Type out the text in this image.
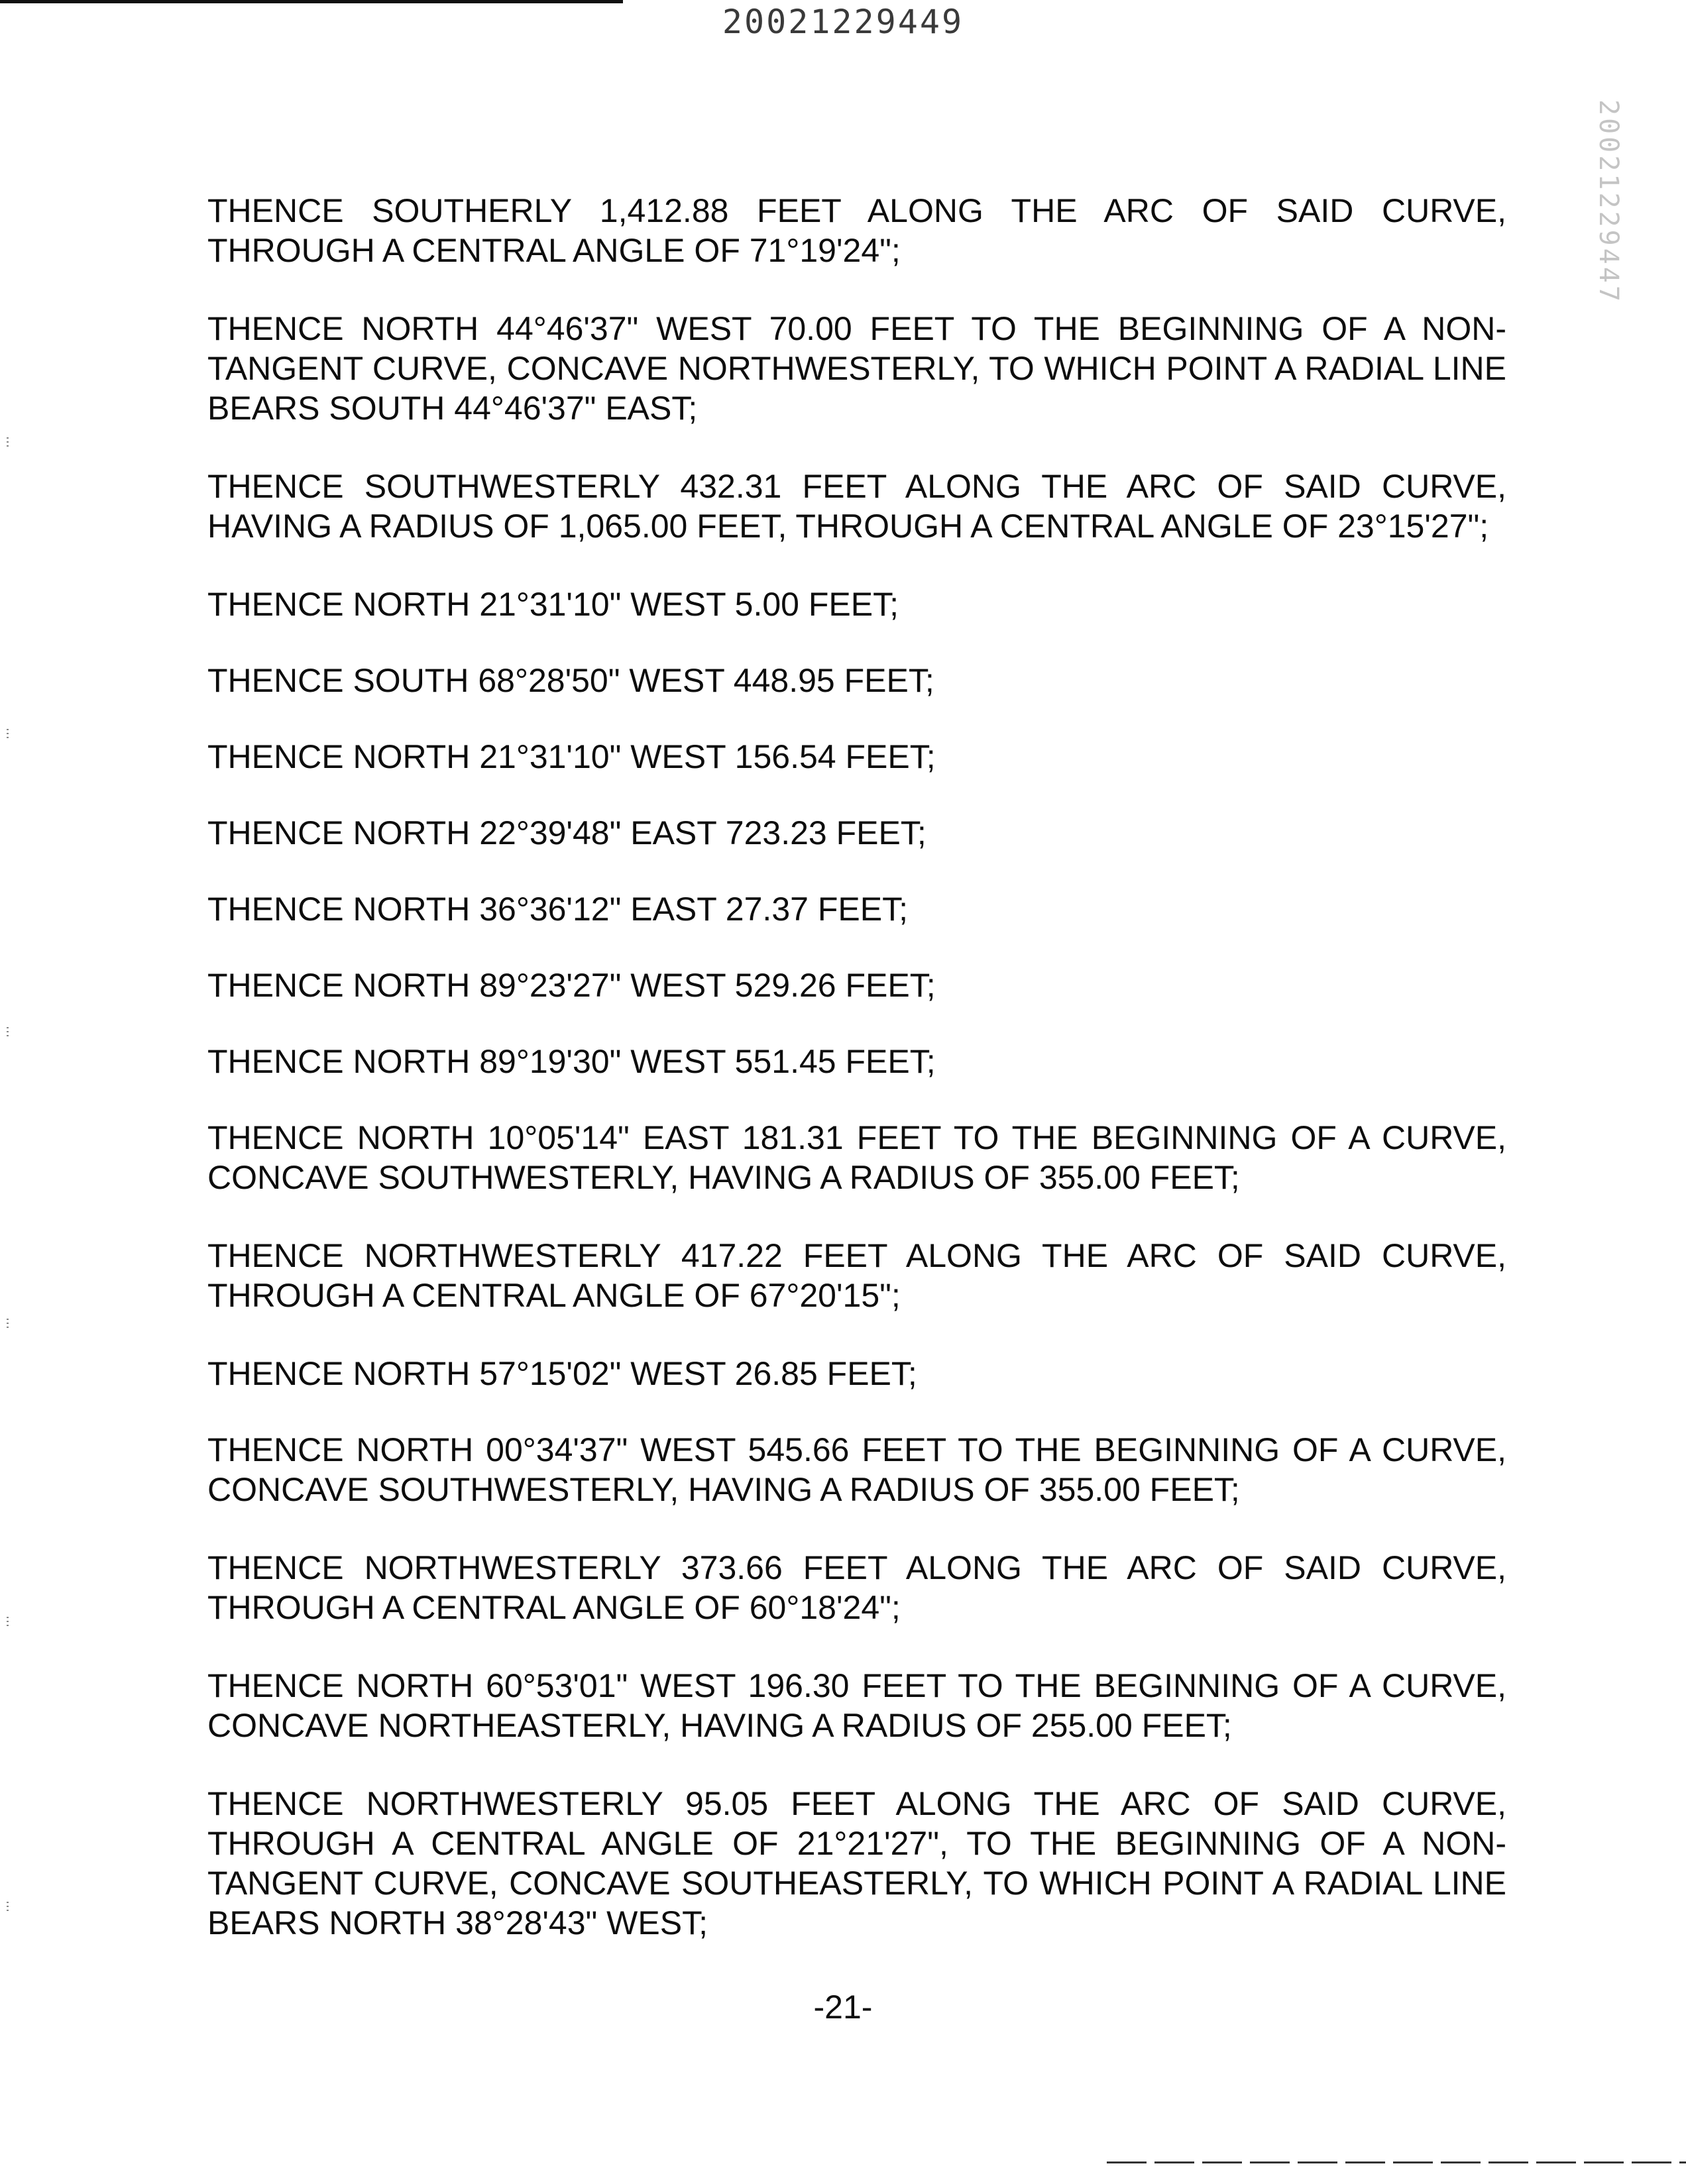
20021229449
20021229447

THENCE SOUTHERLY 1,412.88 FEET ALONG THE ARC OF SAID CURVE, THROUGH A CENTRAL ANGLE OF 71°19'24";

THENCE NORTH 44°46'37" WEST 70.00 FEET TO THE BEGINNING OF A NON-TANGENT CURVE, CONCAVE NORTHWESTERLY, TO WHICH POINT A RADIAL LINE BEARS SOUTH 44°46'37" EAST;

THENCE SOUTHWESTERLY 432.31 FEET ALONG THE ARC OF SAID CURVE, HAVING A RADIUS OF 1,065.00 FEET, THROUGH A CENTRAL ANGLE OF 23°15'27";

THENCE NORTH 21°31'10" WEST 5.00 FEET;

THENCE SOUTH 68°28'50" WEST 448.95 FEET;

THENCE NORTH 21°31'10" WEST 156.54 FEET;

THENCE NORTH 22°39'48" EAST 723.23 FEET;

THENCE NORTH 36°36'12" EAST 27.37 FEET;

THENCE NORTH 89°23'27" WEST 529.26 FEET;

THENCE NORTH 89°19'30" WEST 551.45 FEET;

THENCE NORTH 10°05'14" EAST 181.31 FEET TO THE BEGINNING OF A CURVE, CONCAVE SOUTHWESTERLY, HAVING A RADIUS OF 355.00 FEET;

THENCE NORTHWESTERLY 417.22 FEET ALONG THE ARC OF SAID CURVE, THROUGH A CENTRAL ANGLE OF 67°20'15";

THENCE NORTH 57°15'02" WEST 26.85 FEET;

THENCE NORTH 00°34'37" WEST 545.66 FEET TO THE BEGINNING OF A CURVE, CONCAVE SOUTHWESTERLY, HAVING A RADIUS OF 355.00 FEET;

THENCE NORTHWESTERLY 373.66 FEET ALONG THE ARC OF SAID CURVE, THROUGH A CENTRAL ANGLE OF 60°18'24";

THENCE NORTH 60°53'01" WEST 196.30 FEET TO THE BEGINNING OF A CURVE, CONCAVE NORTHEASTERLY, HAVING A RADIUS OF 255.00 FEET;

THENCE NORTHWESTERLY 95.05 FEET ALONG THE ARC OF SAID CURVE, THROUGH A CENTRAL ANGLE OF 21°21'27", TO THE BEGINNING OF A NON-TANGENT CURVE, CONCAVE SOUTHEASTERLY, TO WHICH POINT A RADIAL LINE BEARS NORTH 38°28'43" WEST;

-21-
